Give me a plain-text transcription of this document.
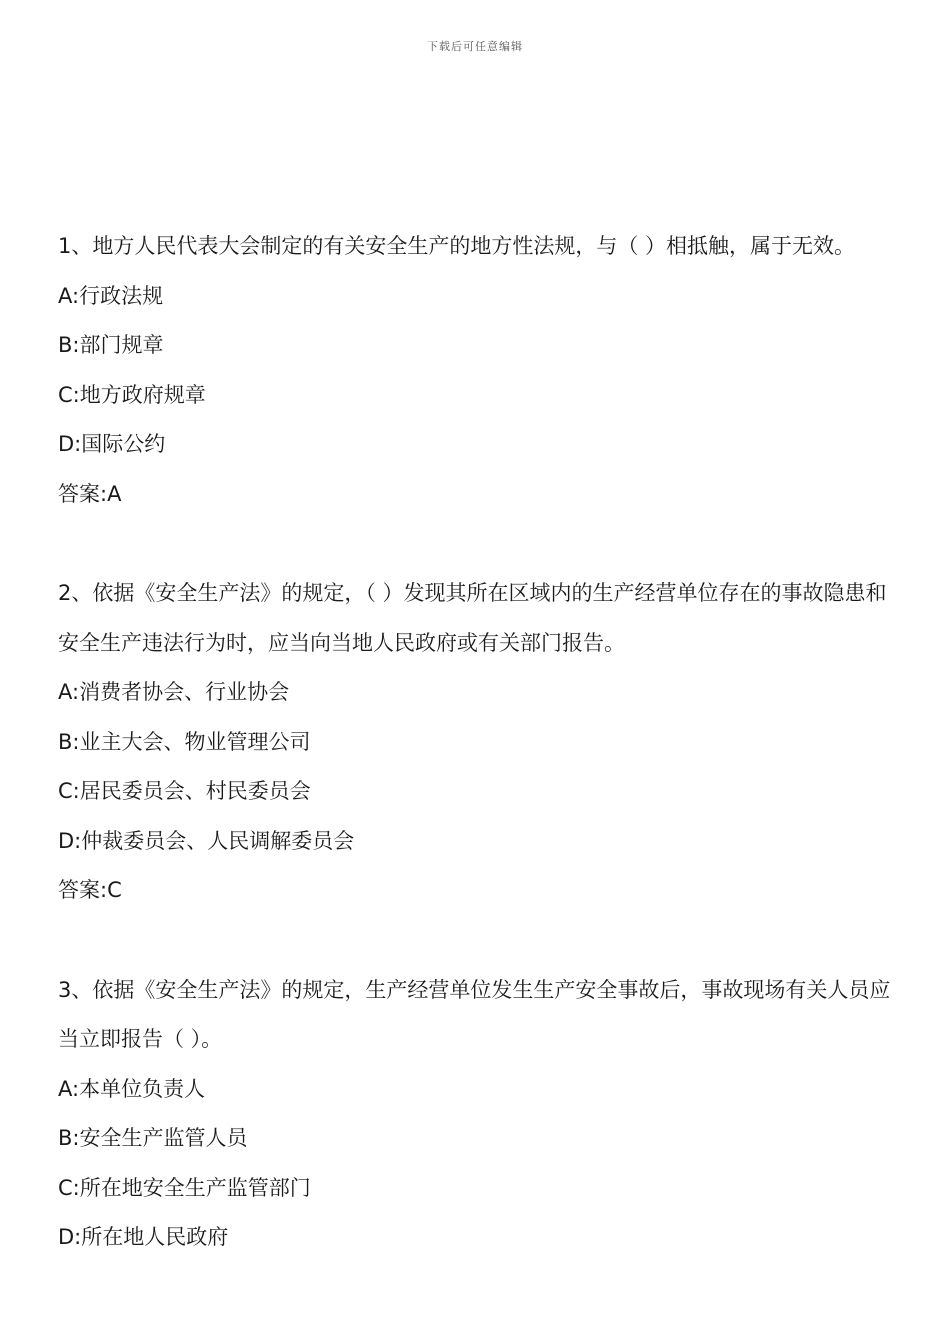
下载后可任意编辑

1、地方人民代表大会制定的有关安全生产的地方性法规，与（ ）相抵触，属于无效。

A:行政法规

B:部门规章

C:地方政府规章

D:国际公约

答案:A

2、依据《安全生产法》的规定，（ ）发现其所在区域内的生产经营单位存在的事故隐患和安全生产违法行为时，应当向当地人民政府或有关部门报告。

A:消费者协会、行业协会

B:业主大会、物业管理公司

C:居民委员会、村民委员会

D:仲裁委员会、人民调解委员会

答案:C

3、依据《安全生产法》的规定，生产经营单位发生生产安全事故后，事故现场有关人员应当立即报告（ ）。

A:本单位负责人

B:安全生产监管人员

C:所在地安全生产监管部门

D:所在地人民政府
